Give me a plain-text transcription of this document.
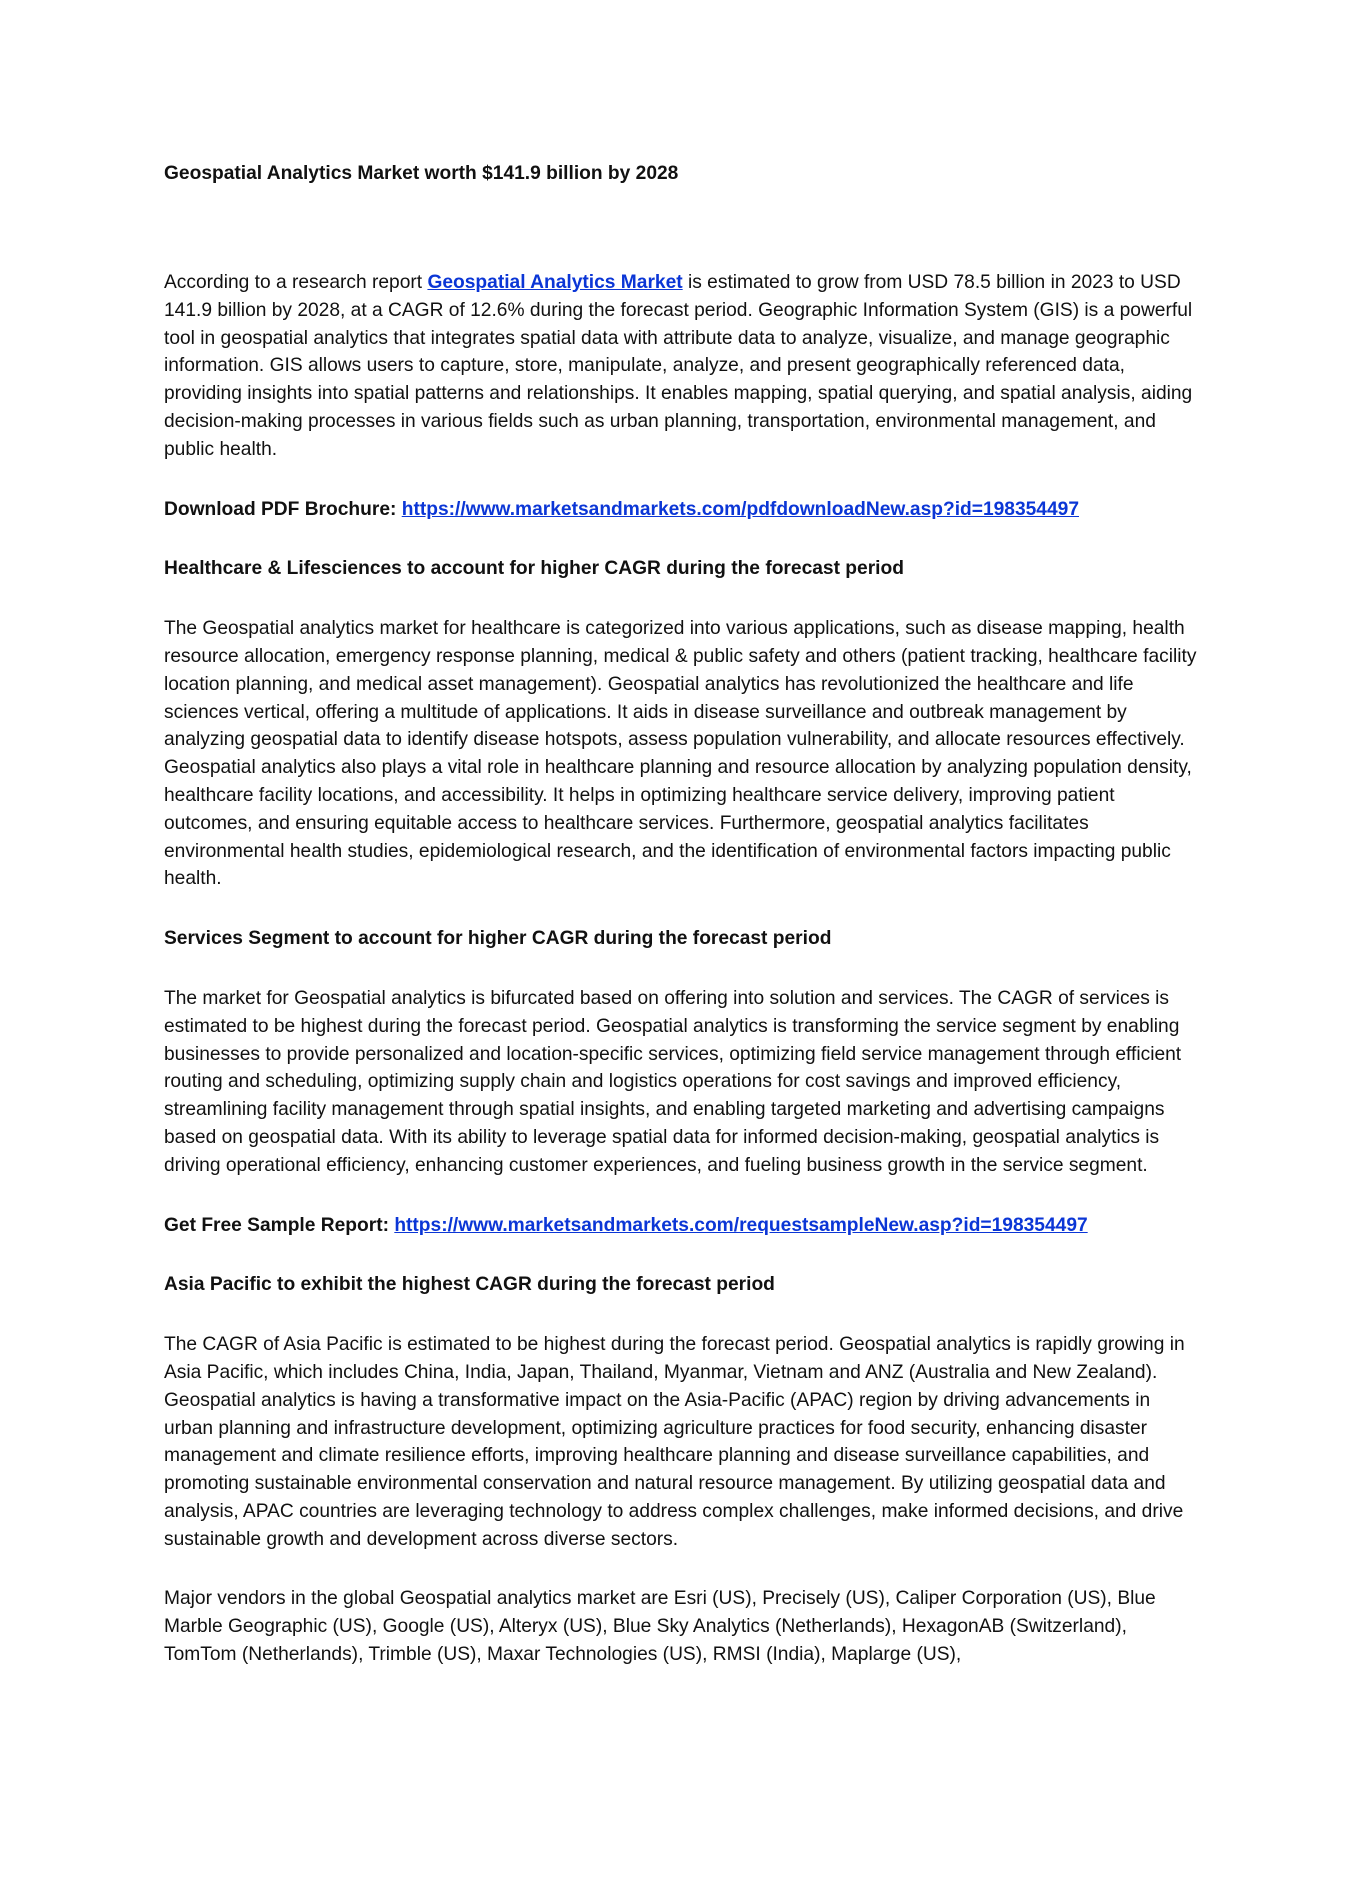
Geospatial Analytics Market worth $141.9 billion by 2028

According to a research report Geospatial Analytics Market is estimated to grow from USD 78.5 billion in 2023 to USD 141.9 billion by 2028, at a CAGR of 12.6% during the forecast period. Geographic Information System (GIS) is a powerful tool in geospatial analytics that integrates spatial data with attribute data to analyze, visualize, and manage geographic information. GIS allows users to capture, store, manipulate, analyze, and present geographically referenced data, providing insights into spatial patterns and relationships. It enables mapping, spatial querying, and spatial analysis, aiding decision-making processes in various fields such as urban planning, transportation, environmental management, and public health.

Download PDF Brochure: https://www.marketsandmarkets.com/pdfdownloadNew.asp?id=198354497

Healthcare & Lifesciences to account for higher CAGR during the forecast period

The Geospatial analytics market for healthcare is categorized into various applications, such as disease mapping, health resource allocation, emergency response planning, medical & public safety and others (patient tracking, healthcare facility location planning, and medical asset management). Geospatial analytics has revolutionized the healthcare and life sciences vertical, offering a multitude of applications. It aids in disease surveillance and outbreak management by analyzing geospatial data to identify disease hotspots, assess population vulnerability, and allocate resources effectively. Geospatial analytics also plays a vital role in healthcare planning and resource allocation by analyzing population density, healthcare facility locations, and accessibility. It helps in optimizing healthcare service delivery, improving patient outcomes, and ensuring equitable access to healthcare services. Furthermore, geospatial analytics facilitates environmental health studies, epidemiological research, and the identification of environmental factors impacting public health.

Services Segment to account for higher CAGR during the forecast period

The market for Geospatial analytics is bifurcated based on offering into solution and services. The CAGR of services is estimated to be highest during the forecast period. Geospatial analytics is transforming the service segment by enabling businesses to provide personalized and location-specific services, optimizing field service management through efficient routing and scheduling, optimizing supply chain and logistics operations for cost savings and improved efficiency, streamlining facility management through spatial insights, and enabling targeted marketing and advertising campaigns based on geospatial data. With its ability to leverage spatial data for informed decision-making, geospatial analytics is driving operational efficiency, enhancing customer experiences, and fueling business growth in the service segment.

Get Free Sample Report: https://www.marketsandmarkets.com/requestsampleNew.asp?id=198354497

Asia Pacific to exhibit the highest CAGR during the forecast period

The CAGR of Asia Pacific is estimated to be highest during the forecast period. Geospatial analytics is rapidly growing in Asia Pacific, which includes China, India, Japan, Thailand, Myanmar, Vietnam and ANZ (Australia and New Zealand). Geospatial analytics is having a transformative impact on the Asia-Pacific (APAC) region by driving advancements in urban planning and infrastructure development, optimizing agriculture practices for food security, enhancing disaster management and climate resilience efforts, improving healthcare planning and disease surveillance capabilities, and promoting sustainable environmental conservation and natural resource management. By utilizing geospatial data and analysis, APAC countries are leveraging technology to address complex challenges, make informed decisions, and drive sustainable growth and development across diverse sectors.

Major vendors in the global Geospatial analytics market are Esri (US), Precisely (US), Caliper Corporation (US), Blue Marble Geographic (US), Google (US), Alteryx (US), Blue Sky Analytics (Netherlands), HexagonAB (Switzerland), TomTom (Netherlands), Trimble (US), Maxar Technologies (US), RMSI (India), Maplarge (US),
